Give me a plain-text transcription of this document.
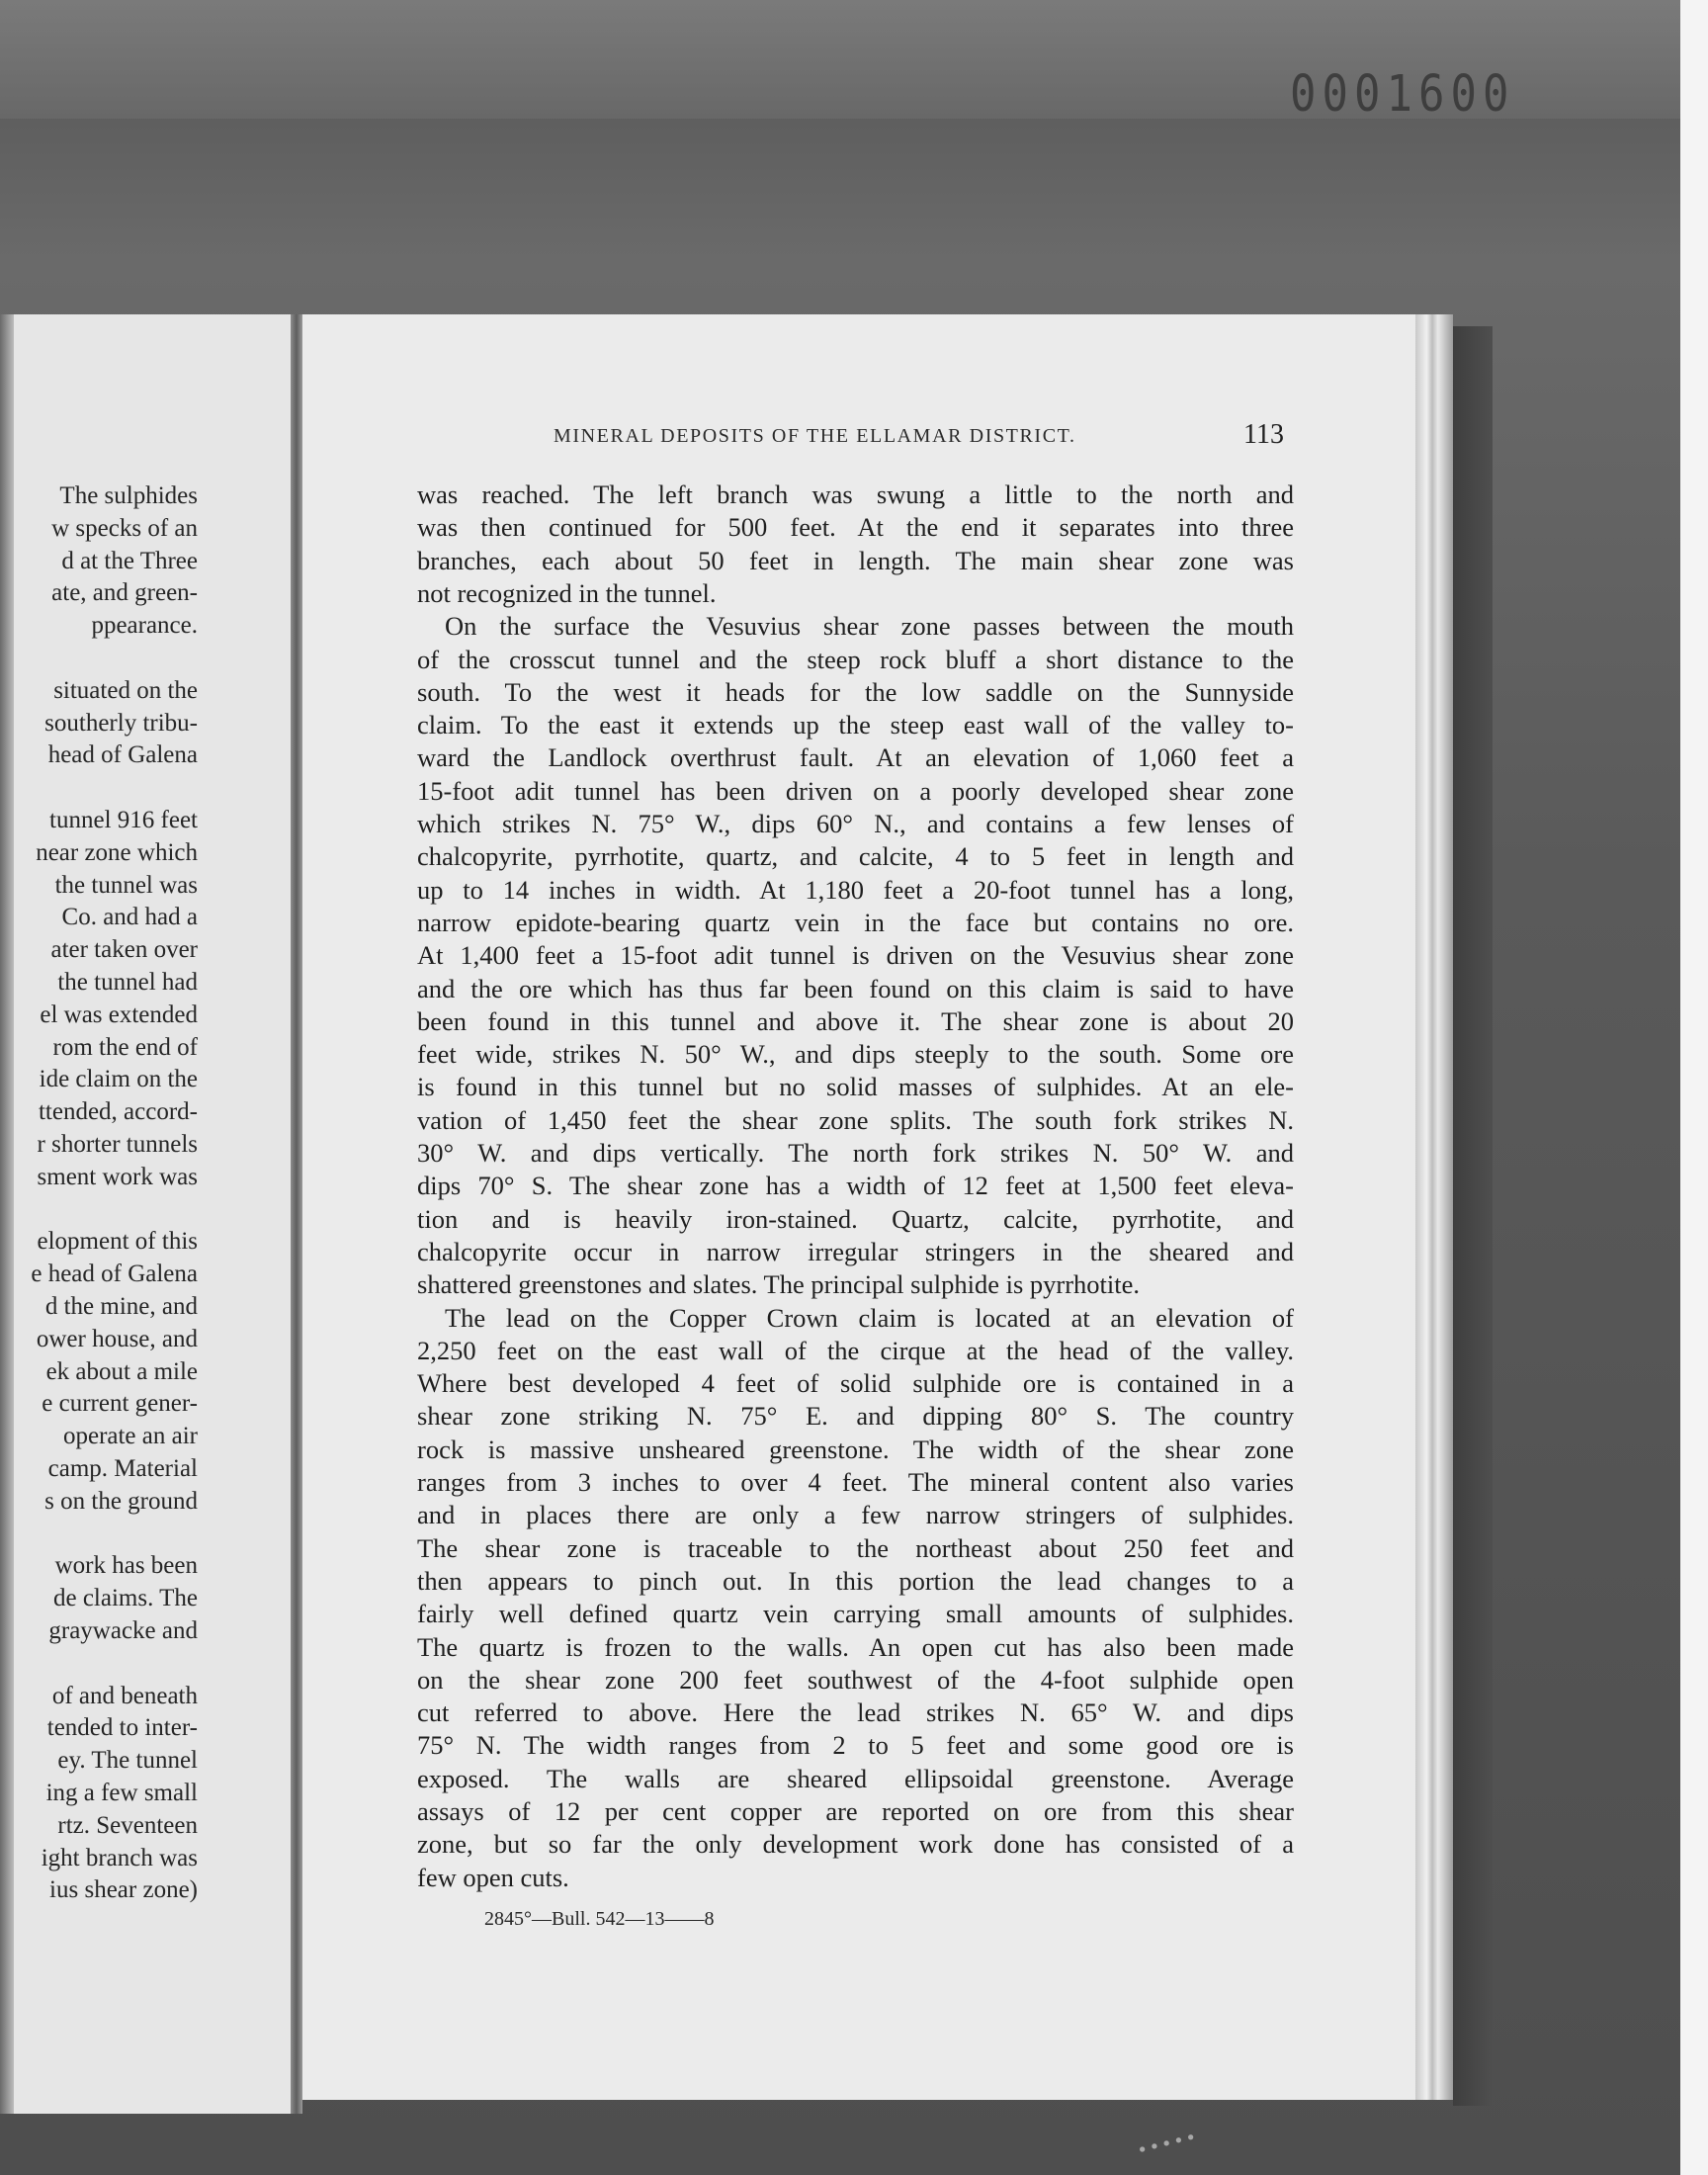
0001600
The sulphides
w specks of an
d at the Three
ate, and green-
ppearance.
situated on the
southerly tribu-
head of Galena
tunnel 916 feet
near zone which
the tunnel was
Co. and had a
ater taken over
the tunnel had
el was extended
rom the end of
ide claim on the
ttended, accord-
r shorter tunnels
sment work was
elopment of this
e head of Galena
d the mine, and
ower house, and
ek about a mile
e current gener-
operate an air
camp. Material
s on the ground
work has been
de claims. The
graywacke and
of and beneath
tended to inter-
ey. The tunnel
ing a few small
rtz. Seventeen
ight branch was
ius shear zone)
MINERAL DEPOSITS OF THE ELLAMAR DISTRICT.	113
was reached. The left branch was swung a little to the north and
was then continued for 500 feet. At the end it separates into three
branches, each about 50 feet in length. The main shear zone was
not recognized in the tunnel.
On the surface the Vesuvius shear zone passes between the mouth
of the crosscut tunnel and the steep rock bluff a short distance to the
south. To the west it heads for the low saddle on the Sunnyside
claim. To the east it extends up the steep east wall of the valley to-
ward the Landlock overthrust fault. At an elevation of 1,060 feet a
15-foot adit tunnel has been driven on a poorly developed shear zone
which strikes N. 75° W., dips 60° N., and contains a few lenses of
chalcopyrite, pyrrhotite, quartz, and calcite, 4 to 5 feet in length and
up to 14 inches in width. At 1,180 feet a 20-foot tunnel has a long,
narrow epidote-bearing quartz vein in the face but contains no ore.
At 1,400 feet a 15-foot adit tunnel is driven on the Vesuvius shear zone
and the ore which has thus far been found on this claim is said to have
been found in this tunnel and above it. The shear zone is about 20
feet wide, strikes N. 50° W., and dips steeply to the south. Some ore
is found in this tunnel but no solid masses of sulphides. At an ele-
vation of 1,450 feet the shear zone splits. The south fork strikes N.
30° W. and dips vertically. The north fork strikes N. 50° W. and
dips 70° S. The shear zone has a width of 12 feet at 1,500 feet eleva-
tion and is heavily iron-stained. Quartz, calcite, pyrrhotite, and
chalcopyrite occur in narrow irregular stringers in the sheared and
shattered greenstones and slates. The principal sulphide is pyrrhotite.
The lead on the Copper Crown claim is located at an elevation of
2,250 feet on the east wall of the cirque at the head of the valley.
Where best developed 4 feet of solid sulphide ore is contained in a
shear zone striking N. 75° E. and dipping 80° S. The country
rock is massive unsheared greenstone. The width of the shear zone
ranges from 3 inches to over 4 feet. The mineral content also varies
and in places there are only a few narrow stringers of sulphides.
The shear zone is traceable to the northeast about 250 feet and
then appears to pinch out. In this portion the lead changes to a
fairly well defined quartz vein carrying small amounts of sulphides.
The quartz is frozen to the walls. An open cut has also been made
on the shear zone 200 feet southwest of the 4-foot sulphide open
cut referred to above. Here the lead strikes N. 65° W. and dips
75° N. The width ranges from 2 to 5 feet and some good ore is
exposed. The walls are sheared ellipsoidal greenstone. Average
assays of 12 per cent copper are reported on ore from this shear
zone, but so far the only development work done has consisted of a
few open cuts.
2845°—Bull. 542—13——8
•••••
